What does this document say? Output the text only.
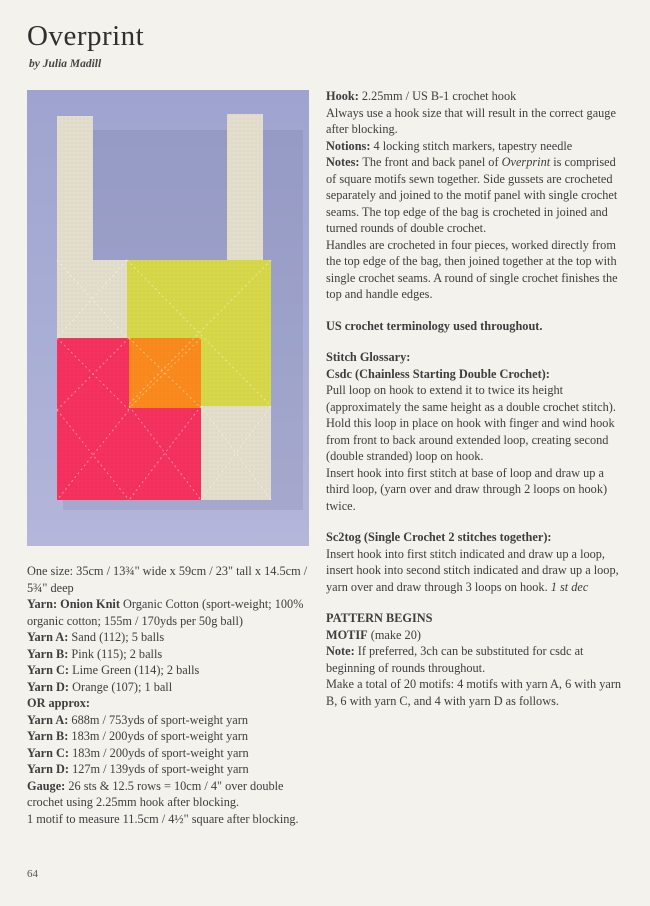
Overprint
by Julia Madill

One size: 35cm / 13¾" wide x 59cm / 23" tall x 14.5cm / 5¾" deep

Yarn: Onion Knit Organic Cotton (sport-weight; 100% organic cotton; 155m / 170yds per 50g ball)

Yarn A: Sand (112); 5 balls

Yarn B: Pink (115); 2 balls

Yarn C: Lime Green (114); 2 balls

Yarn D: Orange (107); 1 ball

OR approx:

Yarn A: 688m / 753yds of sport-weight yarn

Yarn B: 183m / 200yds of sport-weight yarn

Yarn C: 183m / 200yds of sport-weight yarn

Yarn D: 127m / 139yds of sport-weight yarn

Gauge: 26 sts & 12.5 rows = 10cm / 4" over double crochet using 2.25mm hook after blocking.

1 motif to measure 11.5cm / 4½" square after blocking.

Hook: 2.25mm / US B-1 crochet hook

Always use a hook size that will result in the correct gauge after blocking.

Notions: 4 locking stitch markers, tapestry needle

Notes: The front and back panel of Overprint is comprised of square motifs sewn together. Side gussets are crocheted separately and joined to the motif panel with single crochet seams. The top edge of the bag is crocheted in joined and turned rounds of double crochet.

Handles are crocheted in four pieces, worked directly from the top edge of the bag, then joined together at the top with single crochet seams. A round of single crochet finishes the top and handle edges.

US crochet terminology used throughout.

Stitch Glossary:

Csdc (Chainless Starting Double Crochet):

Pull loop on hook to extend it to twice its height (approximately the same height as a double crochet stitch). Hold this loop in place on hook with finger and wind hook from front to back around extended loop, creating second (double stranded) loop on hook.

Insert hook into first stitch at base of loop and draw up a third loop, (yarn over and draw through 2 loops on hook) twice.

Sc2tog (Single Crochet 2 stitches together):

Insert hook into first stitch indicated and draw up a loop, insert hook into second stitch indicated and draw up a loop, yarn over and draw through 3 loops on hook. 1 st dec

PATTERN BEGINS

MOTIF (make 20)

Note: If preferred, 3ch can be substituted for csdc at beginning of rounds throughout.

Make a total of 20 motifs: 4 motifs with yarn A, 6 with yarn B, 6 with yarn C, and 4 with yarn D as follows.

64
